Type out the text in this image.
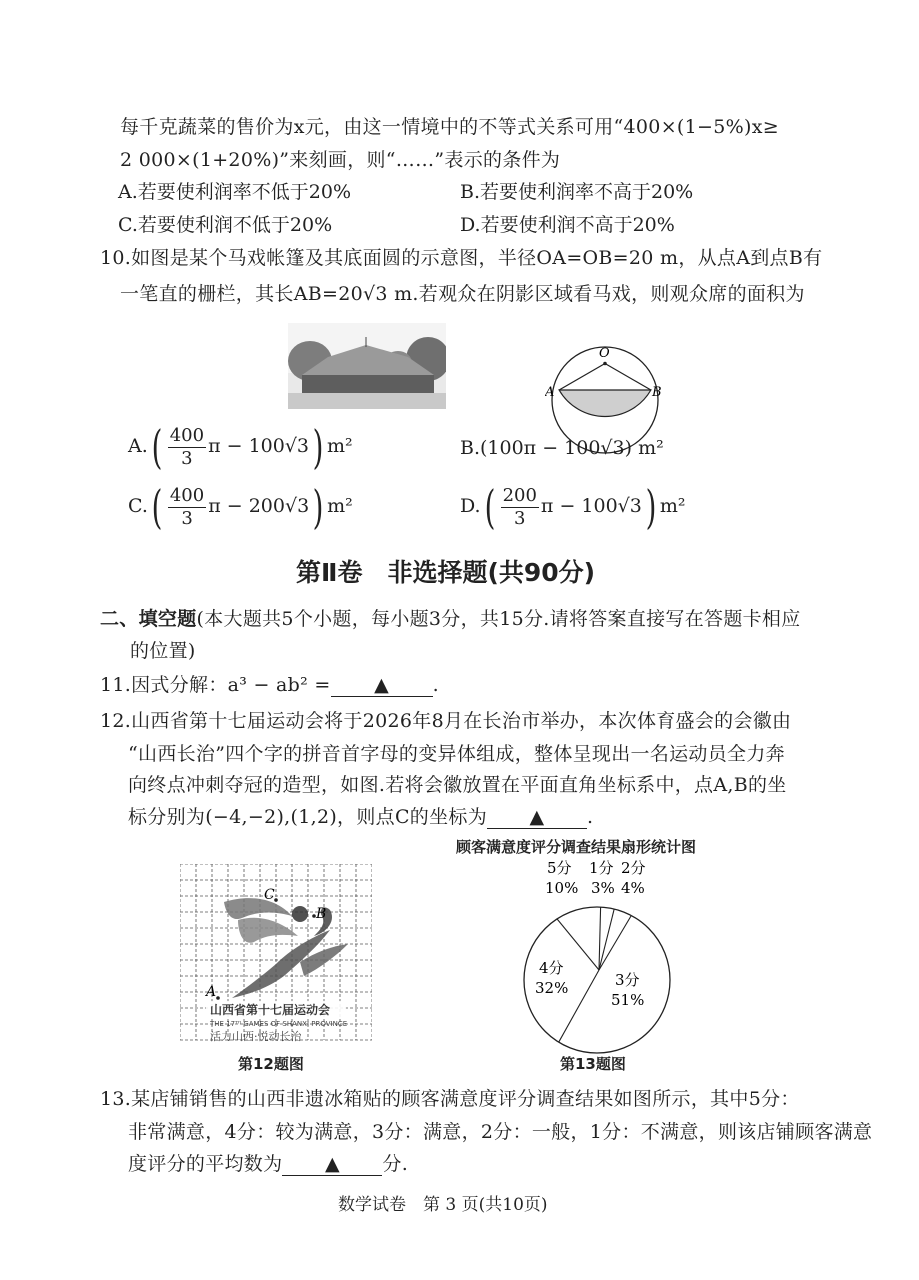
每千克蔬菜的售价为x元，由这一情境中的不等式关系可用“400×(1−5%)x≥
2 000×(1+20%)”来刻画，则“……”表示的条件为
A.若要使利润率不低于20%	B.若要使利润率不高于20%
C.若要使利润不低于20%	D.若要使利润不高于20%
10.如图是某个马戏帐篷及其底面圆的示意图，半径OA=OB=20 m，从点A到点B有
一笔直的栅栏，其长AB=20√3 m.若观众在阴影区域看马戏，则观众席的面积为
O
A	B
$A.( \frac{400}{3}$ π − 100√3) m²	B.(100π − 100√3) m²
$C.( \frac{400}{3}$ π − 200√3) m²	$D.( \frac{200}{3}$ π − 100√3) m²
第Ⅱ卷　非选择题(共90分)
二、填空题(本大题共5个小题，每小题3分，共15分.请将答案直接写在答题卡相应
的位置)
11.因式分解：a³ − ab² = ▲ .
12.山西省第十七届运动会将于2026年8月在长治市举办，本次体育盛会的会徽由
“山西长治”四个字的拼音首字母的变异体组成，整体呈现出一名运动员全力奔
向终点冲刺夺冠的造型，如图.若将会徽放置在平面直角坐标系中，点A,B的坐
标分别为(−4,−2),(1,2)，则点C的坐标为 ▲ .
A
B
C
山西省第十七届运动会
THE 17ᵀᴴ GAMES OF SHANXI PROVINCE
活力山西·悦动长治
第12题图
顾客满意度评分调查结果扇形统计图
3分
51%
4分
32%
5分
10%
1分
3%
2分
4%
第13题图
13.某店铺销售的山西非遗冰箱贴的顾客满意度评分调查结果如图所示，其中5分：
非常满意，4分：较为满意，3分：满意，2分：一般，1分：不满意，则该店铺顾客满意
度评分的平均数为 ▲ 分.
数学试卷　第 3 页(共10页)
